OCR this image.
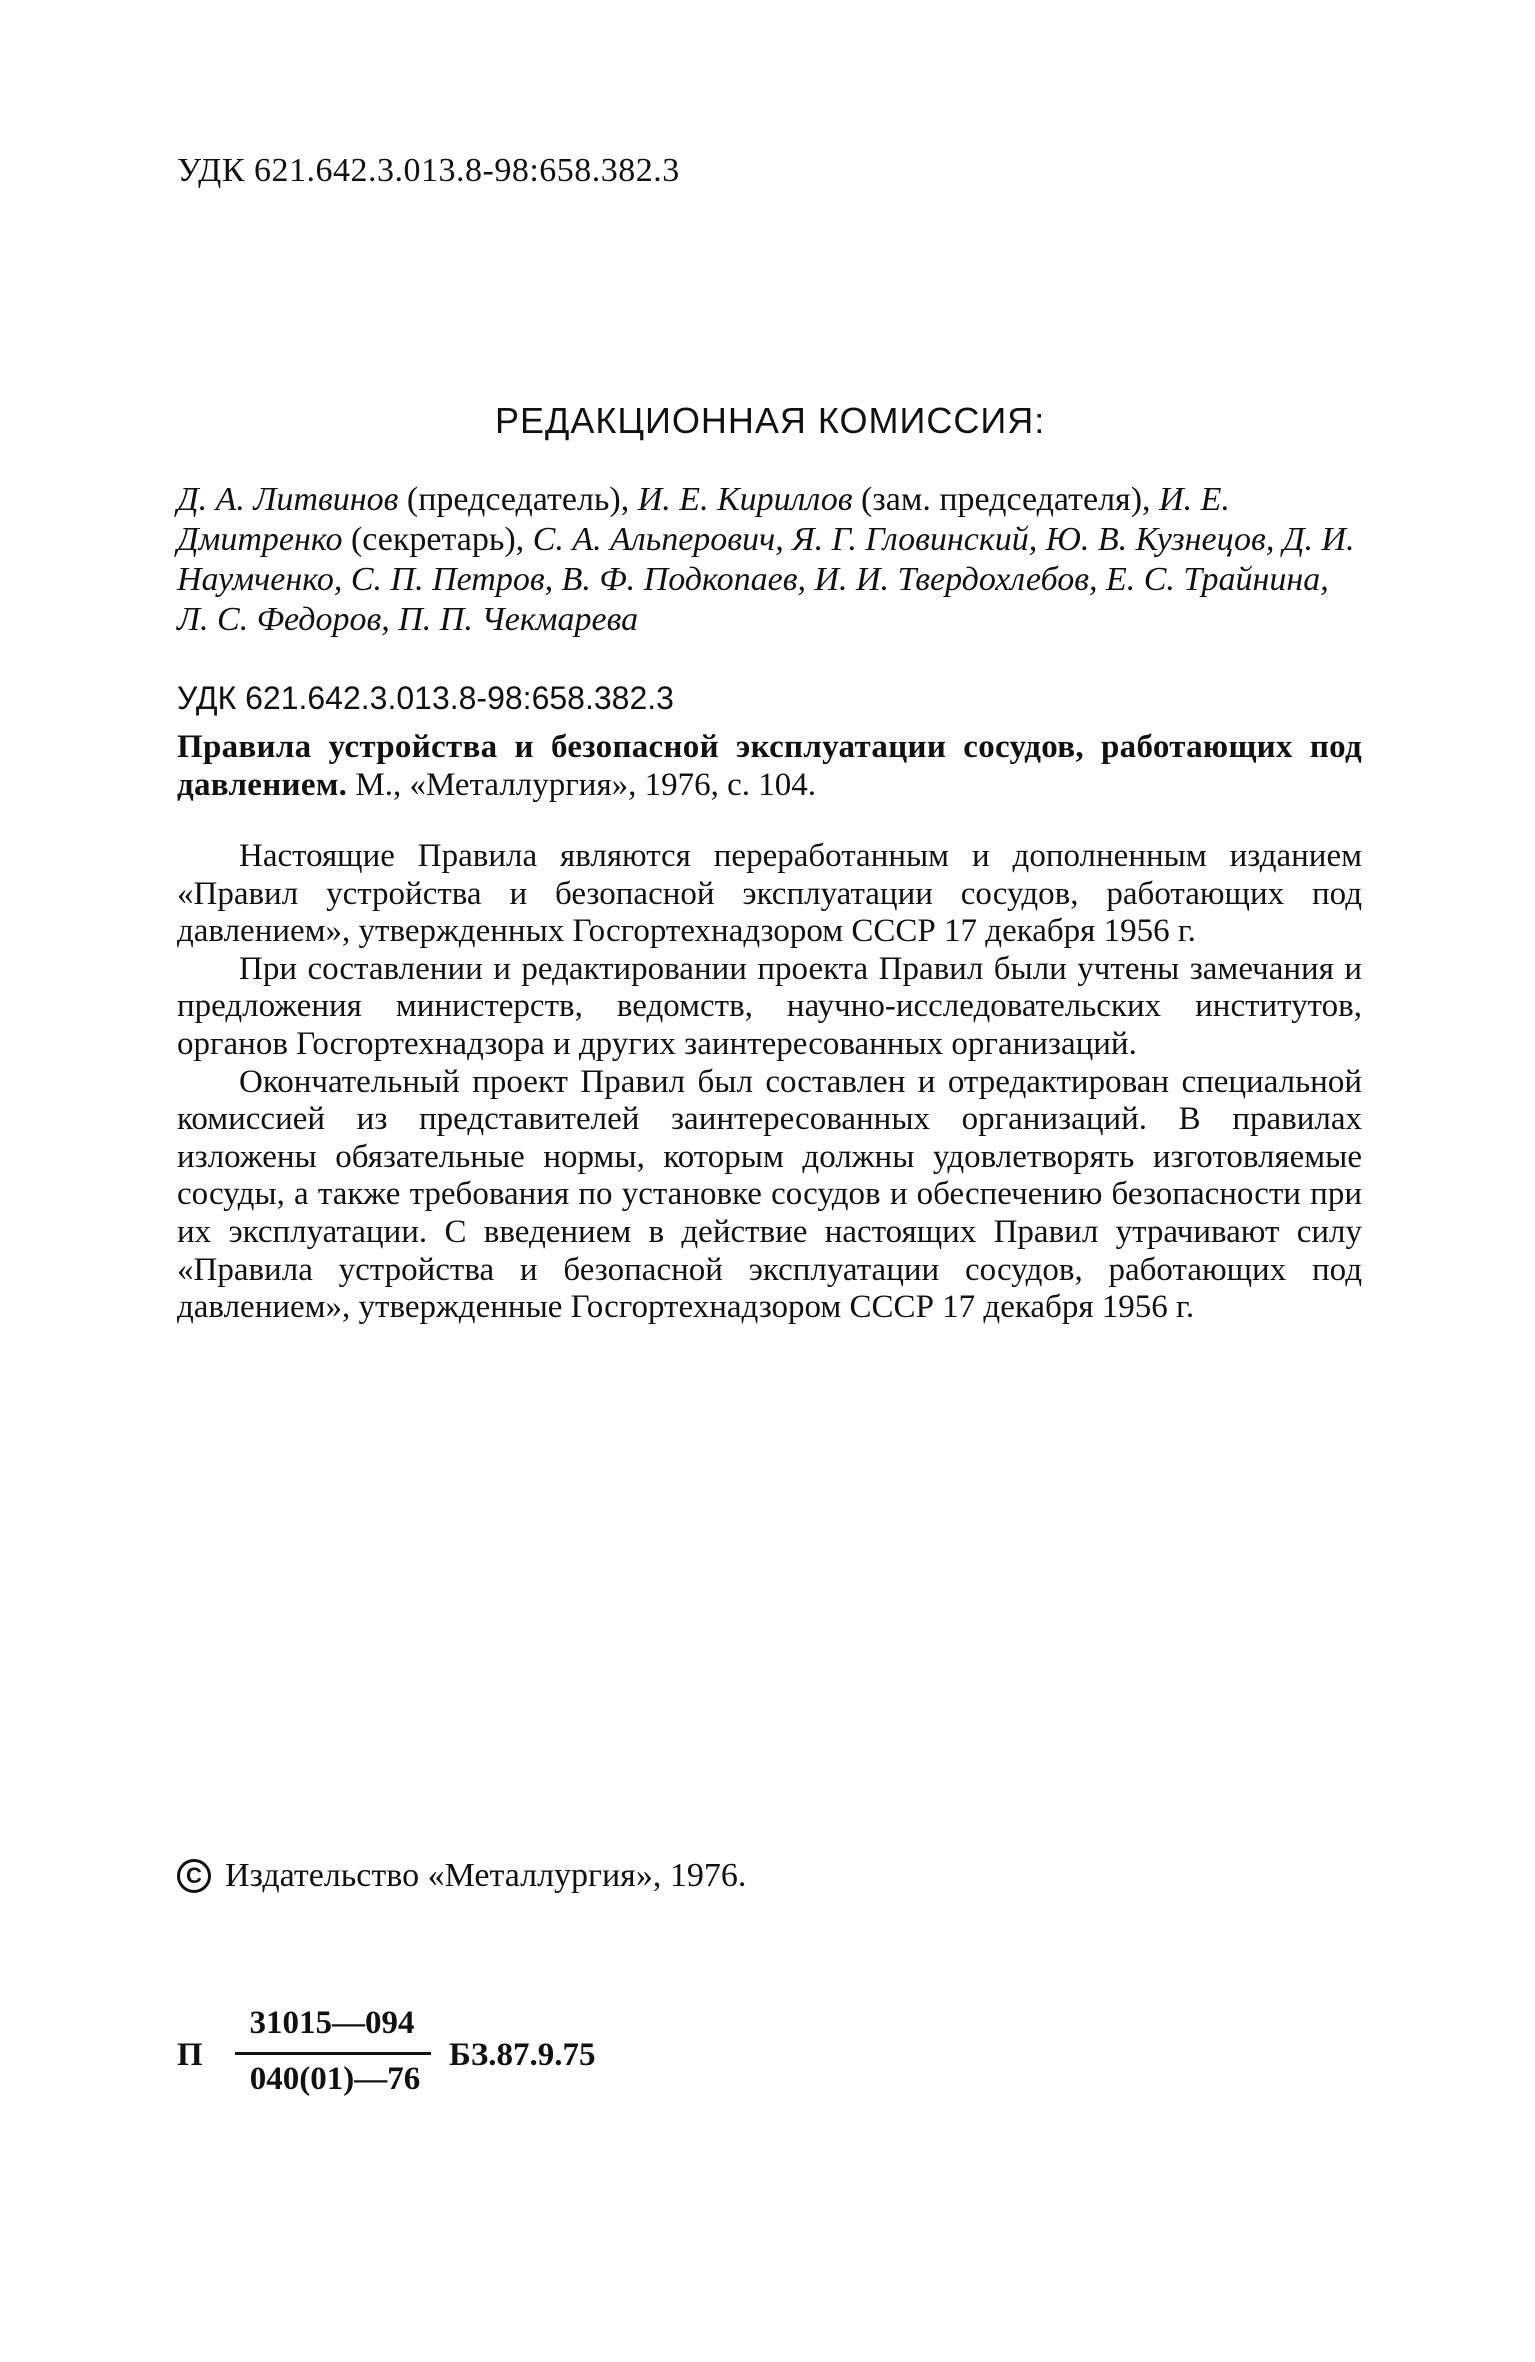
УДК 621.642.3.013.8-98:658.382.3
РЕДАКЦИОННАЯ КОМИССИЯ:

Д. А. Литвинов (председатель), И. Е. Кириллов (зам. председателя), И. Е. Дмитренко (секретарь), С. А. Альперович, Я. Г. Гловинский, Ю. В. Кузнецов, Д. И. Наумченко, С. П. Петров, В. Ф. Подкопаев, И. И. Твердохлебов, Е. С. Трайнина, Л. С. Федоров, П. П. Чекмарева

УДК 621.642.3.013.8-98:658.382.3

Правила устройства и безопасной эксплуатации сосудов, работающих под давлением. М., «Металлургия», 1976, с. 104.

Настоящие Правила являются переработанным и дополненным изданием «Правил устройства и безопасной эксплуатации сосудов, работающих под давлением», утвержденных Госгортехнадзором СССР 17 декабря 1956 г.

При составлении и редактировании проекта Правил были учтены замечания и предложения министерств, ведомств, научно-исследовательских институтов, органов Госгортехнадзора и других заинтересованных организаций.

Окончательный проект Правил был составлен и отредактирован специальной комиссией из представителей заинтересованных организаций. В правилах изложены обязательные нормы, которым должны удовлетворять изготовляемые сосуды, а также требования по установке сосудов и обеспечению безопасности при их эксплуатации. С введением в действие настоящих Правил утрачивают силу «Правила устройства и безопасной эксплуатации сосудов, работающих под давлением», утвержденные Госгортехнадзором СССР 17 декабря 1956 г.

C Издательство «Металлургия», 1976.
П
31015—094
040(01)—76
БЗ.87.9.75
